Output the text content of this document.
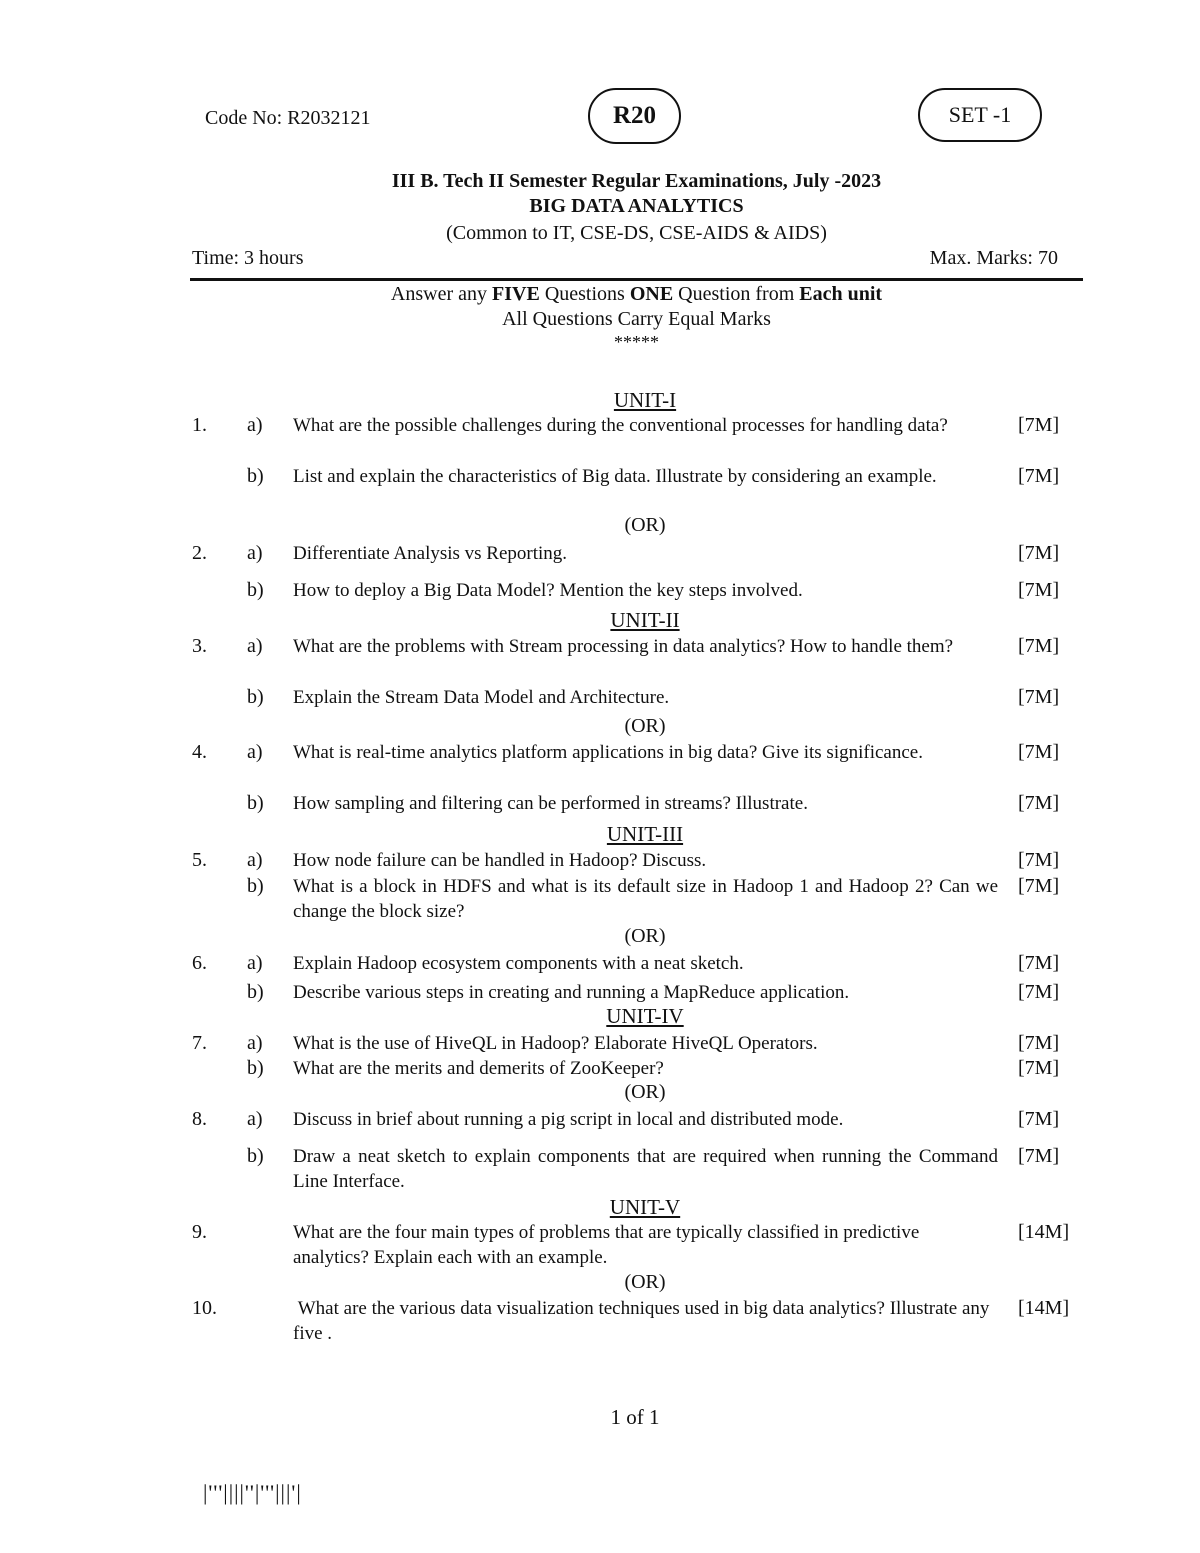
Code No: R2032121	R20	SET -1
III B. Tech II Semester Regular Examinations, July -2023
BIG DATA ANALYTICS
(Common to IT, CSE-DS, CSE-AIDS & AIDS)
Time: 3 hours	Max. Marks: 70
Answer any FIVE Questions ONE Question from Each unit
All Questions Carry Equal Marks
*****
UNIT-I
1. a) What are the possible challenges during the conventional processes for handling data?	[7M]
b) List and explain the characteristics of Big data. Illustrate by considering an example.	[7M]
(OR)
2. a) Differentiate Analysis vs Reporting.	[7M]
b) How to deploy a Big Data Model? Mention the key steps involved.	[7M]
UNIT-II
3. a) What are the problems with Stream processing in data analytics? How to handle them?	[7M]
b) Explain the Stream Data Model and Architecture.	[7M]
(OR)
4. a) What is real-time analytics platform applications in big data? Give its significance.	[7M]
b) How sampling and filtering can be performed in streams? Illustrate.	[7M]
UNIT-III
5. a) How node failure can be handled in Hadoop? Discuss.	[7M]
b) What is a block in HDFS and what is its default size in Hadoop 1 and Hadoop 2? Can we change the block size?
[7M]
(OR)
6. a) Explain Hadoop ecosystem components with a neat sketch.	[7M]
b) Describe various steps in creating and running a MapReduce application.	[7M]
UNIT-IV
7. a) What is the use of HiveQL in Hadoop? Elaborate HiveQL Operators.	[7M]
b) What are the merits and demerits of ZooKeeper?	[7M]
(OR)
8. a) Discuss in brief about running a pig script in local and distributed mode.	[7M]
b) Draw a neat sketch to explain components that are required when running the Command Line Interface.
[7M]
UNIT-V
9.	What are the four main types of problems that are typically classified in predictive analytics? Explain each with an example.
[14M]
(OR)
10.	What are the various data visualization techniques used in big data analytics? Illustrate any five .
[14M]
1 of 1
|'''||||''|'''|||'|
